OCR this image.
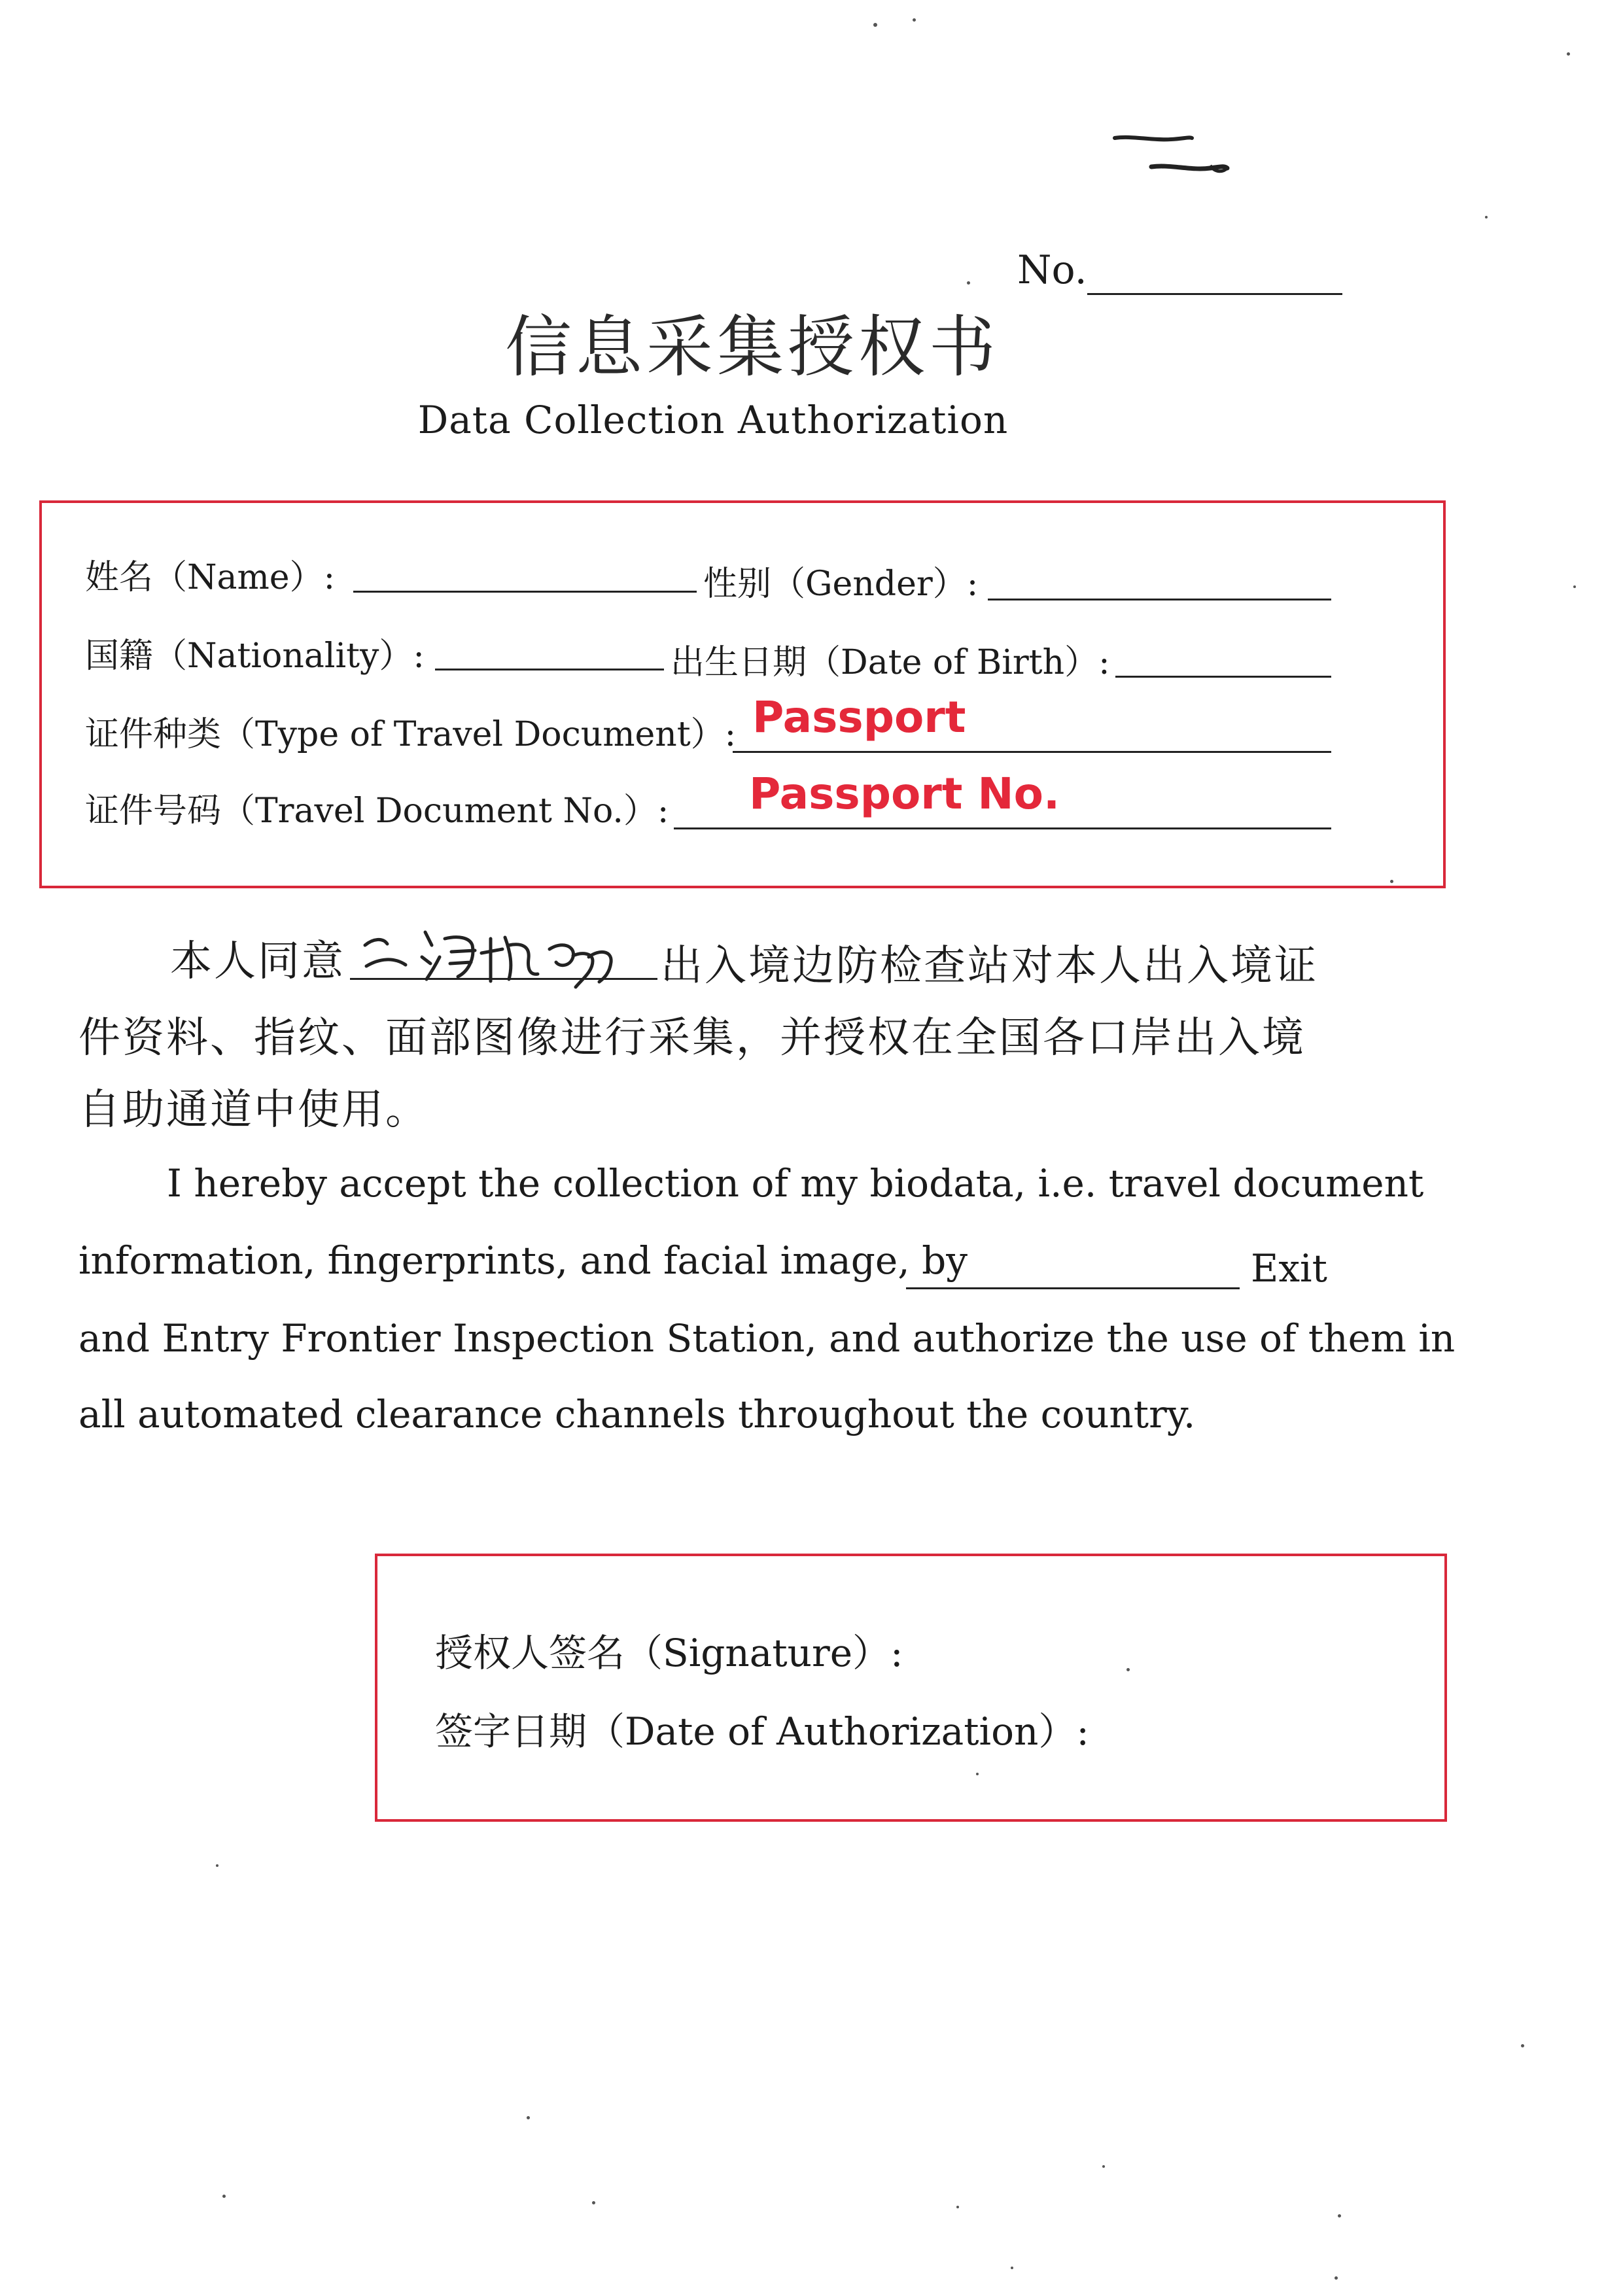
No.
信息采集授权书
Data Collection Authorization
姓名（Name）:	性别（Gender）:
国籍（Nationality）:	出生日期（Date of Birth）:
证件种类（Type of Travel Document）: Passport
证件号码（Travel Document No.）: Passport No.
本人同意	出入境边防检查站对本人出入境证
件资料、指纹、面部图像进行采集，并授权在全国各口岸出入境
自助通道中使用。
I hereby accept the collection of my biodata, i.e. travel document
information, fingerprints, and facial image, by	Exit
and Entry Frontier Inspection Station, and authorize the use of them in
all automated clearance channels throughout the country.
授权人签名（Signature）:
签字日期（Date of Authorization）:
